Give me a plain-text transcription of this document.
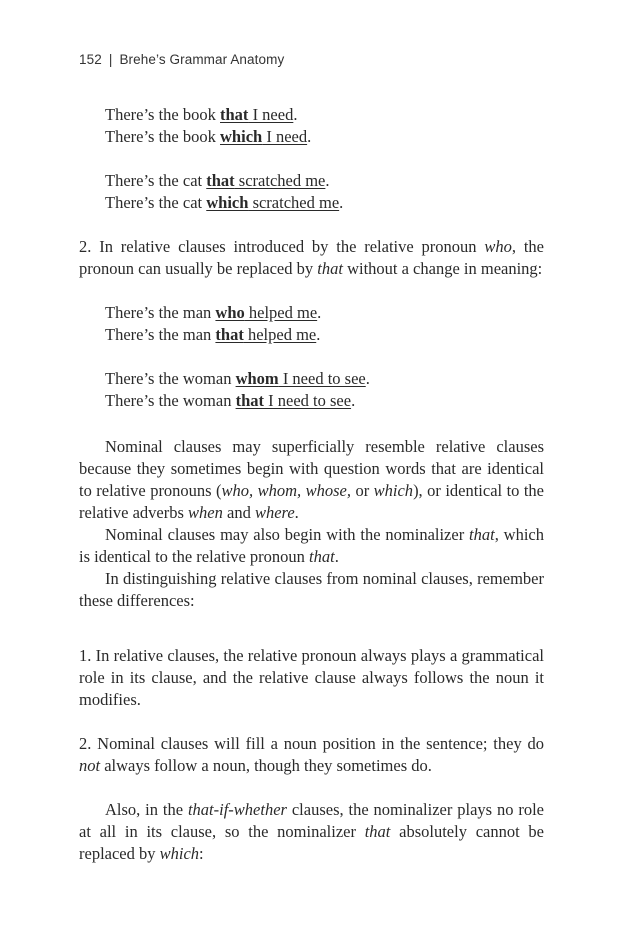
152 | Brehe’s Grammar Anatomy
There’s the book that I need.
There’s the book which I need.
There’s the cat that scratched me.
There’s the cat which scratched me.

2. In relative clauses introduced by the relative pronoun who, the pronoun can usually be replaced by that without a change in meaning:

There’s the man who helped me.
There’s the man that helped me.
There’s the woman whom I need to see.
There’s the woman that I need to see.

Nominal clauses may superficially resemble relative clauses because they sometimes begin with question words that are identical to relative pronouns (who, whom, whose, or which), or identical to the relative adverbs when and where.

Nominal clauses may also begin with the nominalizer that, which is identical to the relative pronoun that.

In distinguishing relative clauses from nominal clauses, remember these differences:

1. In relative clauses, the relative pronoun always plays a grammatical role in its clause, and the relative clause always follows the noun it modifies.

2. Nominal clauses will fill a noun position in the sentence; they do not always follow a noun, though they sometimes do.

Also, in the that-if-whether clauses, the nominalizer plays no role at all in its clause, so the nominalizer that absolutely cannot be replaced by which:
